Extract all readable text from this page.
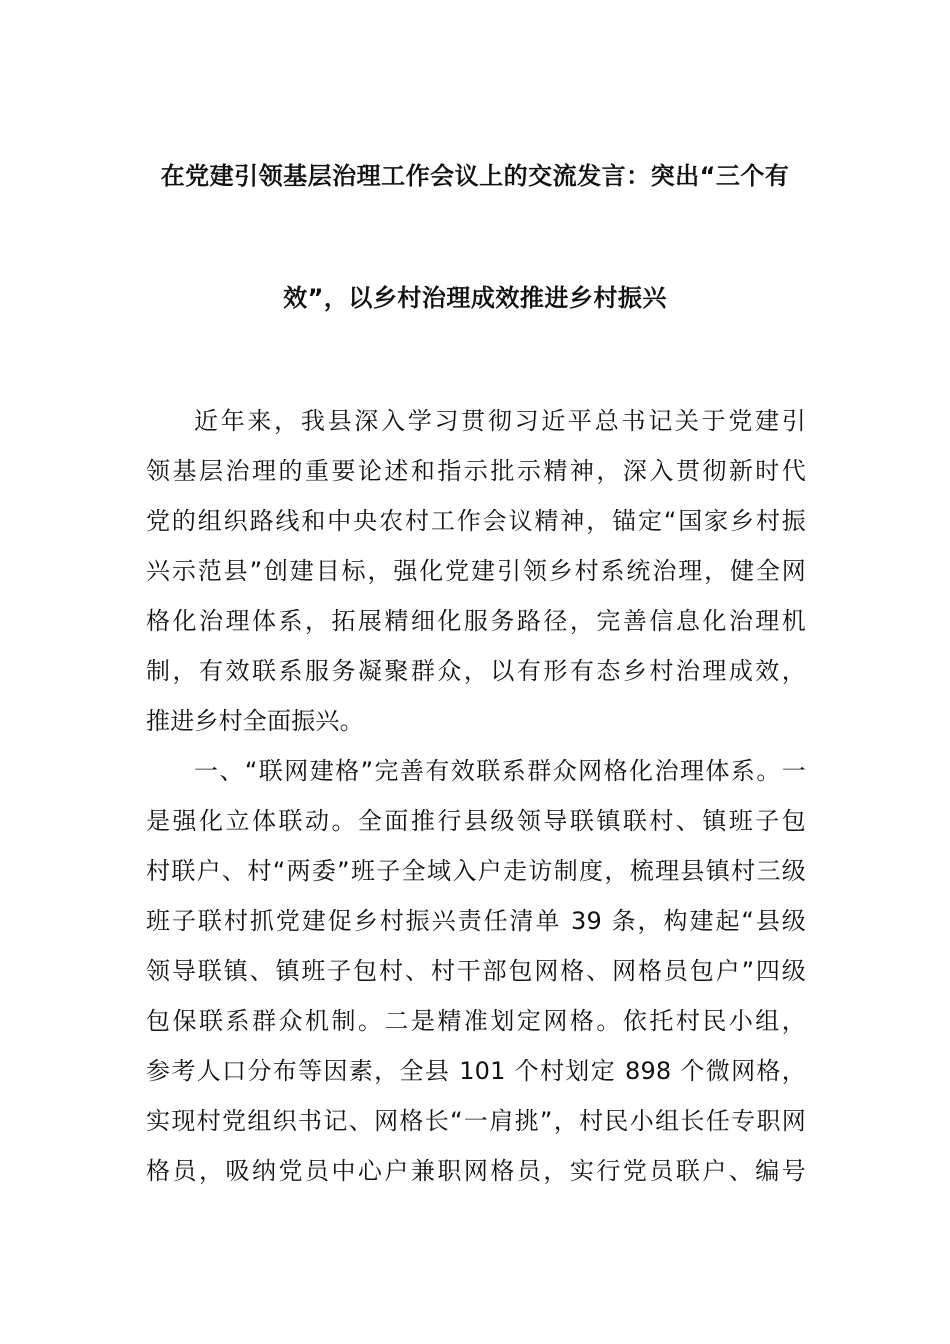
在党建引领基层治理工作会议上的交流发言：突出“三个有
效”，以乡村治理成效推进乡村振兴
近年来，我县深入学习贯彻习近平总书记关于党建引
领基层治理的重要论述和指示批示精神，深入贯彻新时代
党的组织路线和中央农村工作会议精神，锚定“国家乡村振
兴示范县”创建目标，强化党建引领乡村系统治理，健全网
格化治理体系，拓展精细化服务路径，完善信息化治理机
制，有效联系服务凝聚群众，以有形有态乡村治理成效，
推进乡村全面振兴。
一、“联网建格”完善有效联系群众网格化治理体系。一
是强化立体联动。全面推行县级领导联镇联村、镇班子包
村联户、村“两委”班子全域入户走访制度，梳理县镇村三级
班子联村抓党建促乡村振兴责任清单 39 条，构建起“县级
领导联镇、镇班子包村、村干部包网格、网格员包户”四级
包保联系群众机制。二是精准划定网格。依托村民小组，
参考人口分布等因素，全县 101 个村划定 898 个微网格，
实现村党组织书记、网格长“一肩挑”，村民小组长任专职网
格员，吸纳党员中心户兼职网格员，实行党员联户、编号
